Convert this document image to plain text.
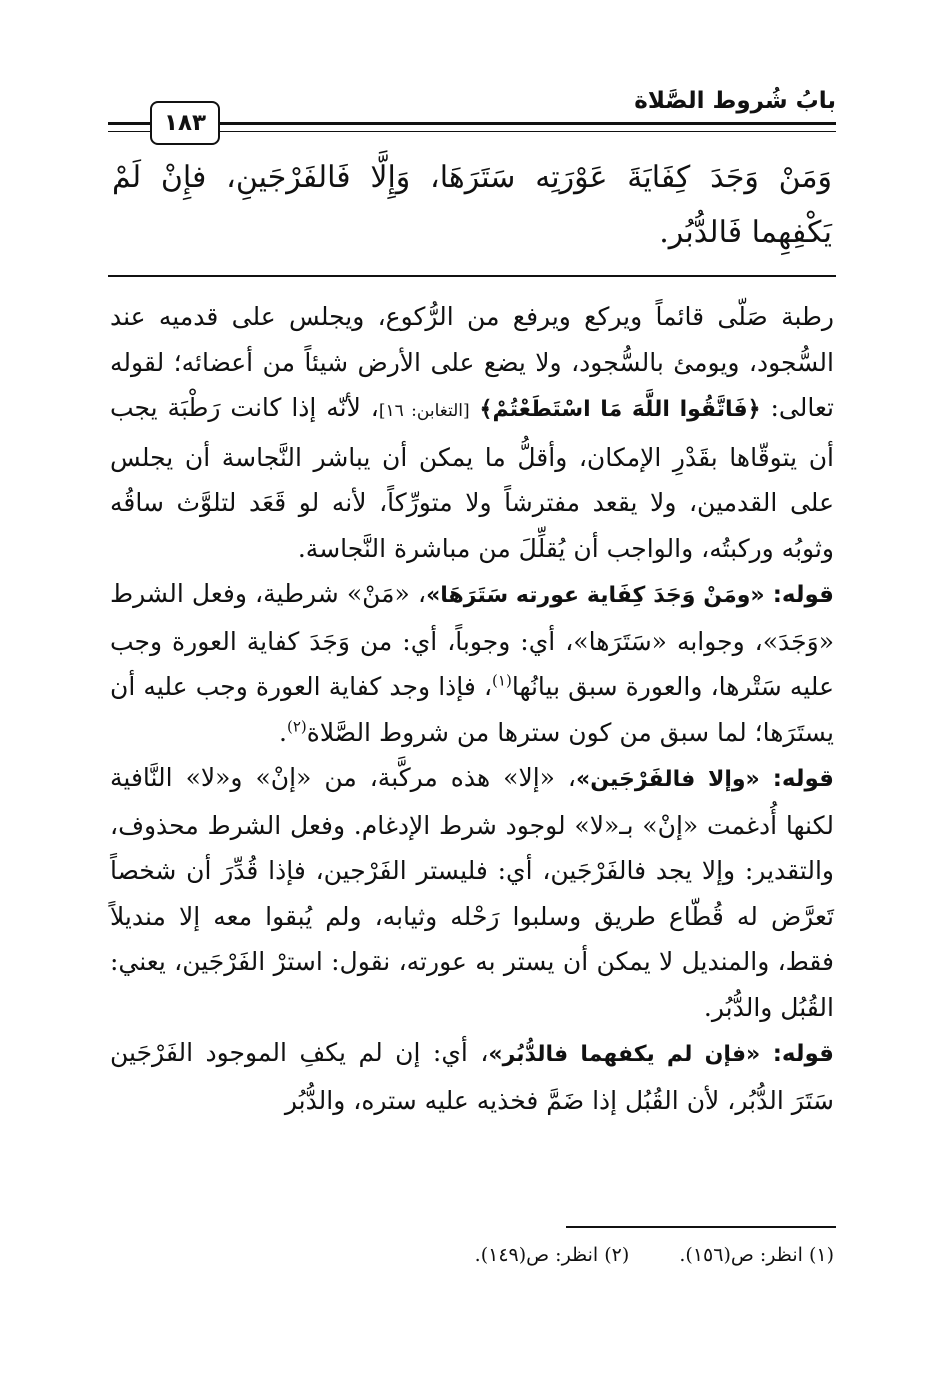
بابُ شُروط الصَّلاة
١٨٣
وَمَنْ وَجَدَ كِفَايَةَ عَوْرَتِه سَتَرَهَا، وَإِلَّا فَالفَرْجَينِ، فإِنْ لَمْ يَكْفِهِما فَالدُّبُر.

رطبة صَلّى قائماً ويركع ويرفع من الرُّكوع، ويجلس على قدميه عند السُّجود، ويومئ بالسُّجود، ولا يضع على الأرض شيئاً من أعضائه؛ لقوله تعالى: ﴿فَاتَّقُوا اللَّهَ مَا اسْتَطَعْتُمْ﴾ [التغابن: ١٦]، لأنّه إذا كانت رَطْبَة يجب أن يتوقّاها بقَدْرِ الإمكان، وأقلُّ ما يمكن أن يباشر النَّجاسة أن يجلس على القدمين، ولا يقعد مفترشاً ولا متورِّكاً، لأنه لو قَعَد لتلوَّث ساقُه وثوبُه وركبتُه، والواجب أن يُقلِّلَ من مباشرة النَّجاسة.

قوله: «ومَنْ وَجَدَ كِفَاية عورته سَتَرَهَا»، «مَنْ» شرطية، وفعل الشرط «وَجَدَ»، وجوابه «سَتَرَها»، أي: وجوباً، أي: من وَجَدَ كفاية العورة وجب عليه سَتْرها، والعورة سبق بيانُها$^{(١)}$، فإذا وجد كفاية العورة وجب عليه أن يستَرَها؛ لما سبق من كون سترها من شروط الصَّلاة$^{(٢)}$.

قوله: «وإلا فالفَرْجَين»، «إلا» هذه مركَّبة، من «إنْ» و«لا» النَّافية لكنها أُدغمت «إنْ» بـ«لا» لوجود شرط الإدغام. وفعل الشرط محذوف، والتقدير: وإلا يجد فالفَرْجَين، أي: فليستر الفَرْجين، فإذا قُدِّرَ أن شخصاً تَعرَّض له قُطّاع طريق وسلبوا رَحْله وثيابه، ولم يُبقوا معه إلا منديلاً فقط، والمنديل لا يمكن أن يستر به عورته، نقول: استرْ الفَرْجَين، يعني: القُبُل والدُّبُر.

قوله: «فإن لم يكفهما فالدُّبُر»، أي: إن لم يكفِ الموجود الفَرْجَين سَتَرَ الدُّبُر، لأن القُبُل إذا ضَمَّ فخذيه عليه ستره، والدُّبُر

(١) انظر: ص(١٥٦). (٢) انظر: ص(١٤٩).
